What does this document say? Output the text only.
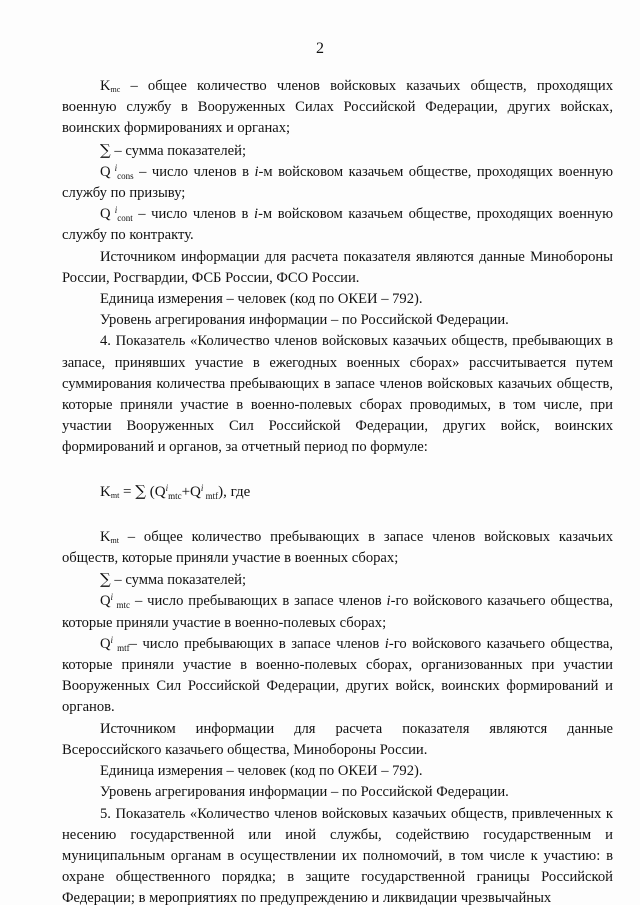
2

$K_{mc}$ – общее количество членов войсковых казачьих обществ, проходящих военную службу в Вооруженных Силах Российской Федерации, других войсках, воинских формированиях и органах;

∑ – сумма показателей;

Q $^i_{cons}$ – число членов в i-м войсковом казачьем обществе, проходящих военную службу по призыву;

Q $^i_{cont}$ – число членов в i-м войсковом казачьем обществе, проходящих военную службу по контракту.

Источником информации для расчета показателя являются данные Минобороны России, Росгвардии, ФСБ России, ФСО России.

Единица измерения – человек (код по ОКЕИ – 792).

Уровень агрегирования информации – по Российской Федерации.

4. Показатель «Количество членов войсковых казачьих обществ, пребывающих в запасе, принявших участие в ежегодных военных сборах» рассчитывается путем суммирования количества пребывающих в запасе членов войсковых казачьих обществ, которые приняли участие в военно-полевых сборах проводимых, в том числе, при участии Вооруженных Сил Российской Федерации, других войск, воинских формирований и органов, за отчетный период по формуле:

$K_{mt}$ = ∑ ($Q^i_{mtc}+Q^i$ $_{mtf}$), где

$K_{mt}$ – общее количество пребывающих в запасе членов войсковых казачьих обществ, которые приняли участие в военных сборах;

∑ – сумма показателей;

$Q^i$ $_{mtc}$ – число пребывающих в запасе членов i-го войскового казачьего общества, которые приняли участие в военно-полевых сборах;

$Q^i$ $_{mtf}$– число пребывающих в запасе членов i-го войскового казачьего общества, которые приняли участие в военно-полевых сборах, организованных при участии Вооруженных Сил Российской Федерации, других войск, воинских формирований и органов.

Источником информации для расчета показателя являются данные Всероссийского казачьего общества, Минобороны России.

Единица измерения – человек (код по ОКЕИ – 792).

Уровень агрегирования информации – по Российской Федерации.

5. Показатель «Количество членов войсковых казачьих обществ, привлеченных к несению государственной или иной службы, содействию государственным и муниципальным органам в осуществлении их полномочий, в том числе к участию: в охране общественного порядка; в защите государственной границы Российской Федерации; в мероприятиях по предупреждению и ликвидации чрезвычайных
